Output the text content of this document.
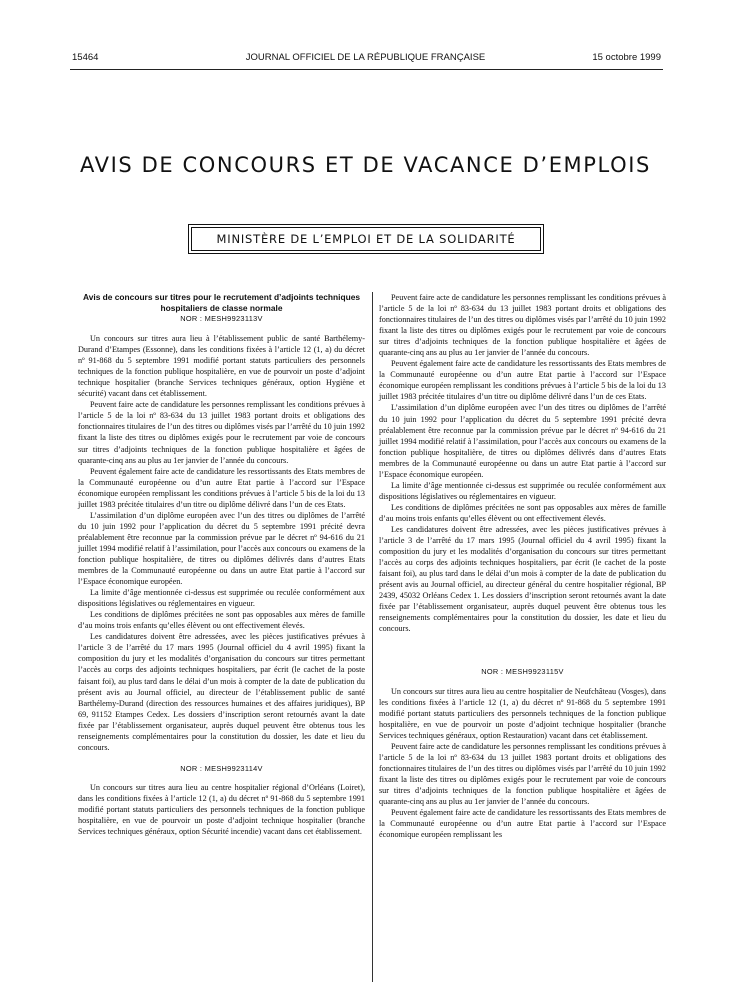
15464	JOURNAL OFFICIEL DE LA RÉPUBLIQUE FRANÇAISE	15 octobre 1999
AVIS DE CONCOURS ET DE VACANCE D’EMPLOIS
MINISTÈRE DE L’EMPLOI ET DE LA SOLIDARITÉ
Avis de concours sur titres pour le recrutement d’adjoints techniques hospitaliers de classe normale

NOR : MESH9923113V

Un concours sur titres aura lieu à l’établissement public de santé Barthélemy-Durand d’Etampes (Essonne), dans les conditions fixées à l’article 12 (1, a) du décret nº 91-868 du 5 septembre 1991 modifié portant statuts particuliers des personnels techniques de la fonction publique hospitalière, en vue de pourvoir un poste d’adjoint technique hospitalier (branche Services techniques généraux, option Hygiène et sécurité) vacant dans cet établissement.

Peuvent faire acte de candidature les personnes remplissant les conditions prévues à l’article 5 de la loi nº 83-634 du 13 juillet 1983 portant droits et obligations des fonctionnaires titulaires de l’un des titres ou diplômes visés par l’arrêté du 10 juin 1992 fixant la liste des titres ou diplômes exigés pour le recrutement par voie de concours sur titres d’adjoints techniques de la fonction publique hospitalière et âgées de quarante-cinq ans au plus au 1er janvier de l’année du concours.

Peuvent également faire acte de candidature les ressortissants des Etats membres de la Communauté européenne ou d’un autre Etat partie à l’accord sur l’Espace économique européen remplissant les conditions prévues à l’article 5 bis de la loi du 13 juillet 1983 précitée titulaires d’un titre ou diplôme délivré dans l’un de ces Etats.

L’assimilation d’un diplôme européen avec l’un des titres ou diplômes de l’arrêté du 10 juin 1992 pour l’application du décret du 5 septembre 1991 précité devra préalablement être reconnue par la commission prévue par le décret nº 94-616 du 21 juillet 1994 modifié relatif à l’assimilation, pour l’accès aux concours ou examens de la fonction publique hospitalière, de titres ou diplômes délivrés dans d’autres Etats membres de la Communauté européenne ou dans un autre Etat partie à l’accord sur l’Espace économique européen.

La limite d’âge mentionnée ci-dessus est supprimée ou reculée conformément aux dispositions législatives ou réglementaires en vigueur.

Les conditions de diplômes précitées ne sont pas opposables aux mères de famille d’au moins trois enfants qu’elles élèvent ou ont effectivement élevés.

Les candidatures doivent être adressées, avec les pièces justificatives prévues à l’article 3 de l’arrêté du 17 mars 1995 (Journal officiel du 4 avril 1995) fixant la composition du jury et les modalités d’organisation du concours sur titres permettant l’accès au corps des adjoints techniques hospitaliers, par écrit (le cachet de la poste faisant foi), au plus tard dans le délai d’un mois à compter de la date de publication du présent avis au Journal officiel, au directeur de l’établissement public de santé Barthélemy-Durand (direction des ressources humaines et des affaires juridiques), BP 69, 91152 Etampes Cedex. Les dossiers d’inscription seront retournés avant la date fixée par l’établissement organisateur, auprès duquel peuvent être obtenus tous les renseignements complémentaires pour la constitution du dossier, les date et lieu du concours.

NOR : MESH9923114V

Un concours sur titres aura lieu au centre hospitalier régional d’Orléans (Loiret), dans les conditions fixées à l’article 12 (1, a) du décret nº 91-868 du 5 septembre 1991 modifié portant statuts particuliers des personnels techniques de la fonction publique hospitalière, en vue de pourvoir un poste d’adjoint technique hospitalier (branche Services techniques généraux, option Sécurité incendie) vacant dans cet établissement.

Peuvent faire acte de candidature les personnes remplissant les conditions prévues à l’article 5 de la loi nº 83-634 du 13 juillet 1983 portant droits et obligations des fonctionnaires titulaires de l’un des titres ou diplômes visés par l’arrêté du 10 juin 1992 fixant la liste des titres ou diplômes exigés pour le recrutement par voie de concours sur titres d’adjoints techniques de la fonction publique hospitalière et âgées de quarante-cinq ans au plus au 1er janvier de l’année du concours.

Peuvent également faire acte de candidature les ressortissants des Etats membres de la Communauté européenne ou d’un autre Etat partie à l’accord sur l’Espace économique européen remplissant les conditions prévues à l’article 5 bis de la loi du 13 juillet 1983 précitée titulaires d’un titre ou diplôme délivré dans l’un de ces Etats.

L’assimilation d’un diplôme européen avec l’un des titres ou diplômes de l’arrêté du 10 juin 1992 pour l’application du décret du 5 septembre 1991 précité devra préalablement être reconnue par la commission prévue par le décret nº 94-616 du 21 juillet 1994 modifié relatif à l’assimilation, pour l’accès aux concours ou examens de la fonction publique hospitalière, de titres ou diplômes délivrés dans d’autres Etats membres de la Communauté européenne ou dans un autre Etat partie à l’accord sur l’Espace économique européen.

La limite d’âge mentionnée ci-dessus est supprimée ou reculée conformément aux dispositions législatives ou réglementaires en vigueur.

Les conditions de diplômes précitées ne sont pas opposables aux mères de famille d’au moins trois enfants qu’elles élèvent ou ont effectivement élevés.

Les candidatures doivent être adressées, avec les pièces justificatives prévues à l’article 3 de l’arrêté du 17 mars 1995 (Journal officiel du 4 avril 1995) fixant la composition du jury et les modalités d’organisation du concours sur titres permettant l’accès au corps des adjoints techniques hospitaliers, par écrit (le cachet de la poste faisant foi), au plus tard dans le délai d’un mois à compter de la date de publication du présent avis au Journal officiel, au directeur général du centre hospitalier régional, BP 2439, 45032 Orléans Cedex 1. Les dossiers d’inscription seront retournés avant la date fixée par l’établissement organisateur, auprès duquel peuvent être obtenus tous les renseignements complémentaires pour la constitution du dossier, les date et lieu du concours.

NOR : MESH9923115V

Un concours sur titres aura lieu au centre hospitalier de Neufchâteau (Vosges), dans les conditions fixées à l’article 12 (1, a) du décret nº 91-868 du 5 septembre 1991 modifié portant statuts particuliers des personnels techniques de la fonction publique hospitalière, en vue de pourvoir un poste d’adjoint technique hospitalier (branche Services techniques généraux, option Restauration) vacant dans cet établissement.

Peuvent faire acte de candidature les personnes remplissant les conditions prévues à l’article 5 de la loi nº 83-634 du 13 juillet 1983 portant droits et obligations des fonctionnaires titulaires de l’un des titres ou diplômes visés par l’arrêté du 10 juin 1992 fixant la liste des titres ou diplômes exigés pour le recrutement par voie de concours sur titres d’adjoints techniques de la fonction publique hospitalière et âgées de quarante-cinq ans au plus au 1er janvier de l’année du concours.

Peuvent également faire acte de candidature les ressortissants des Etats membres de la Communauté européenne ou d’un autre Etat partie à l’accord sur l’Espace économique européen remplissant les
